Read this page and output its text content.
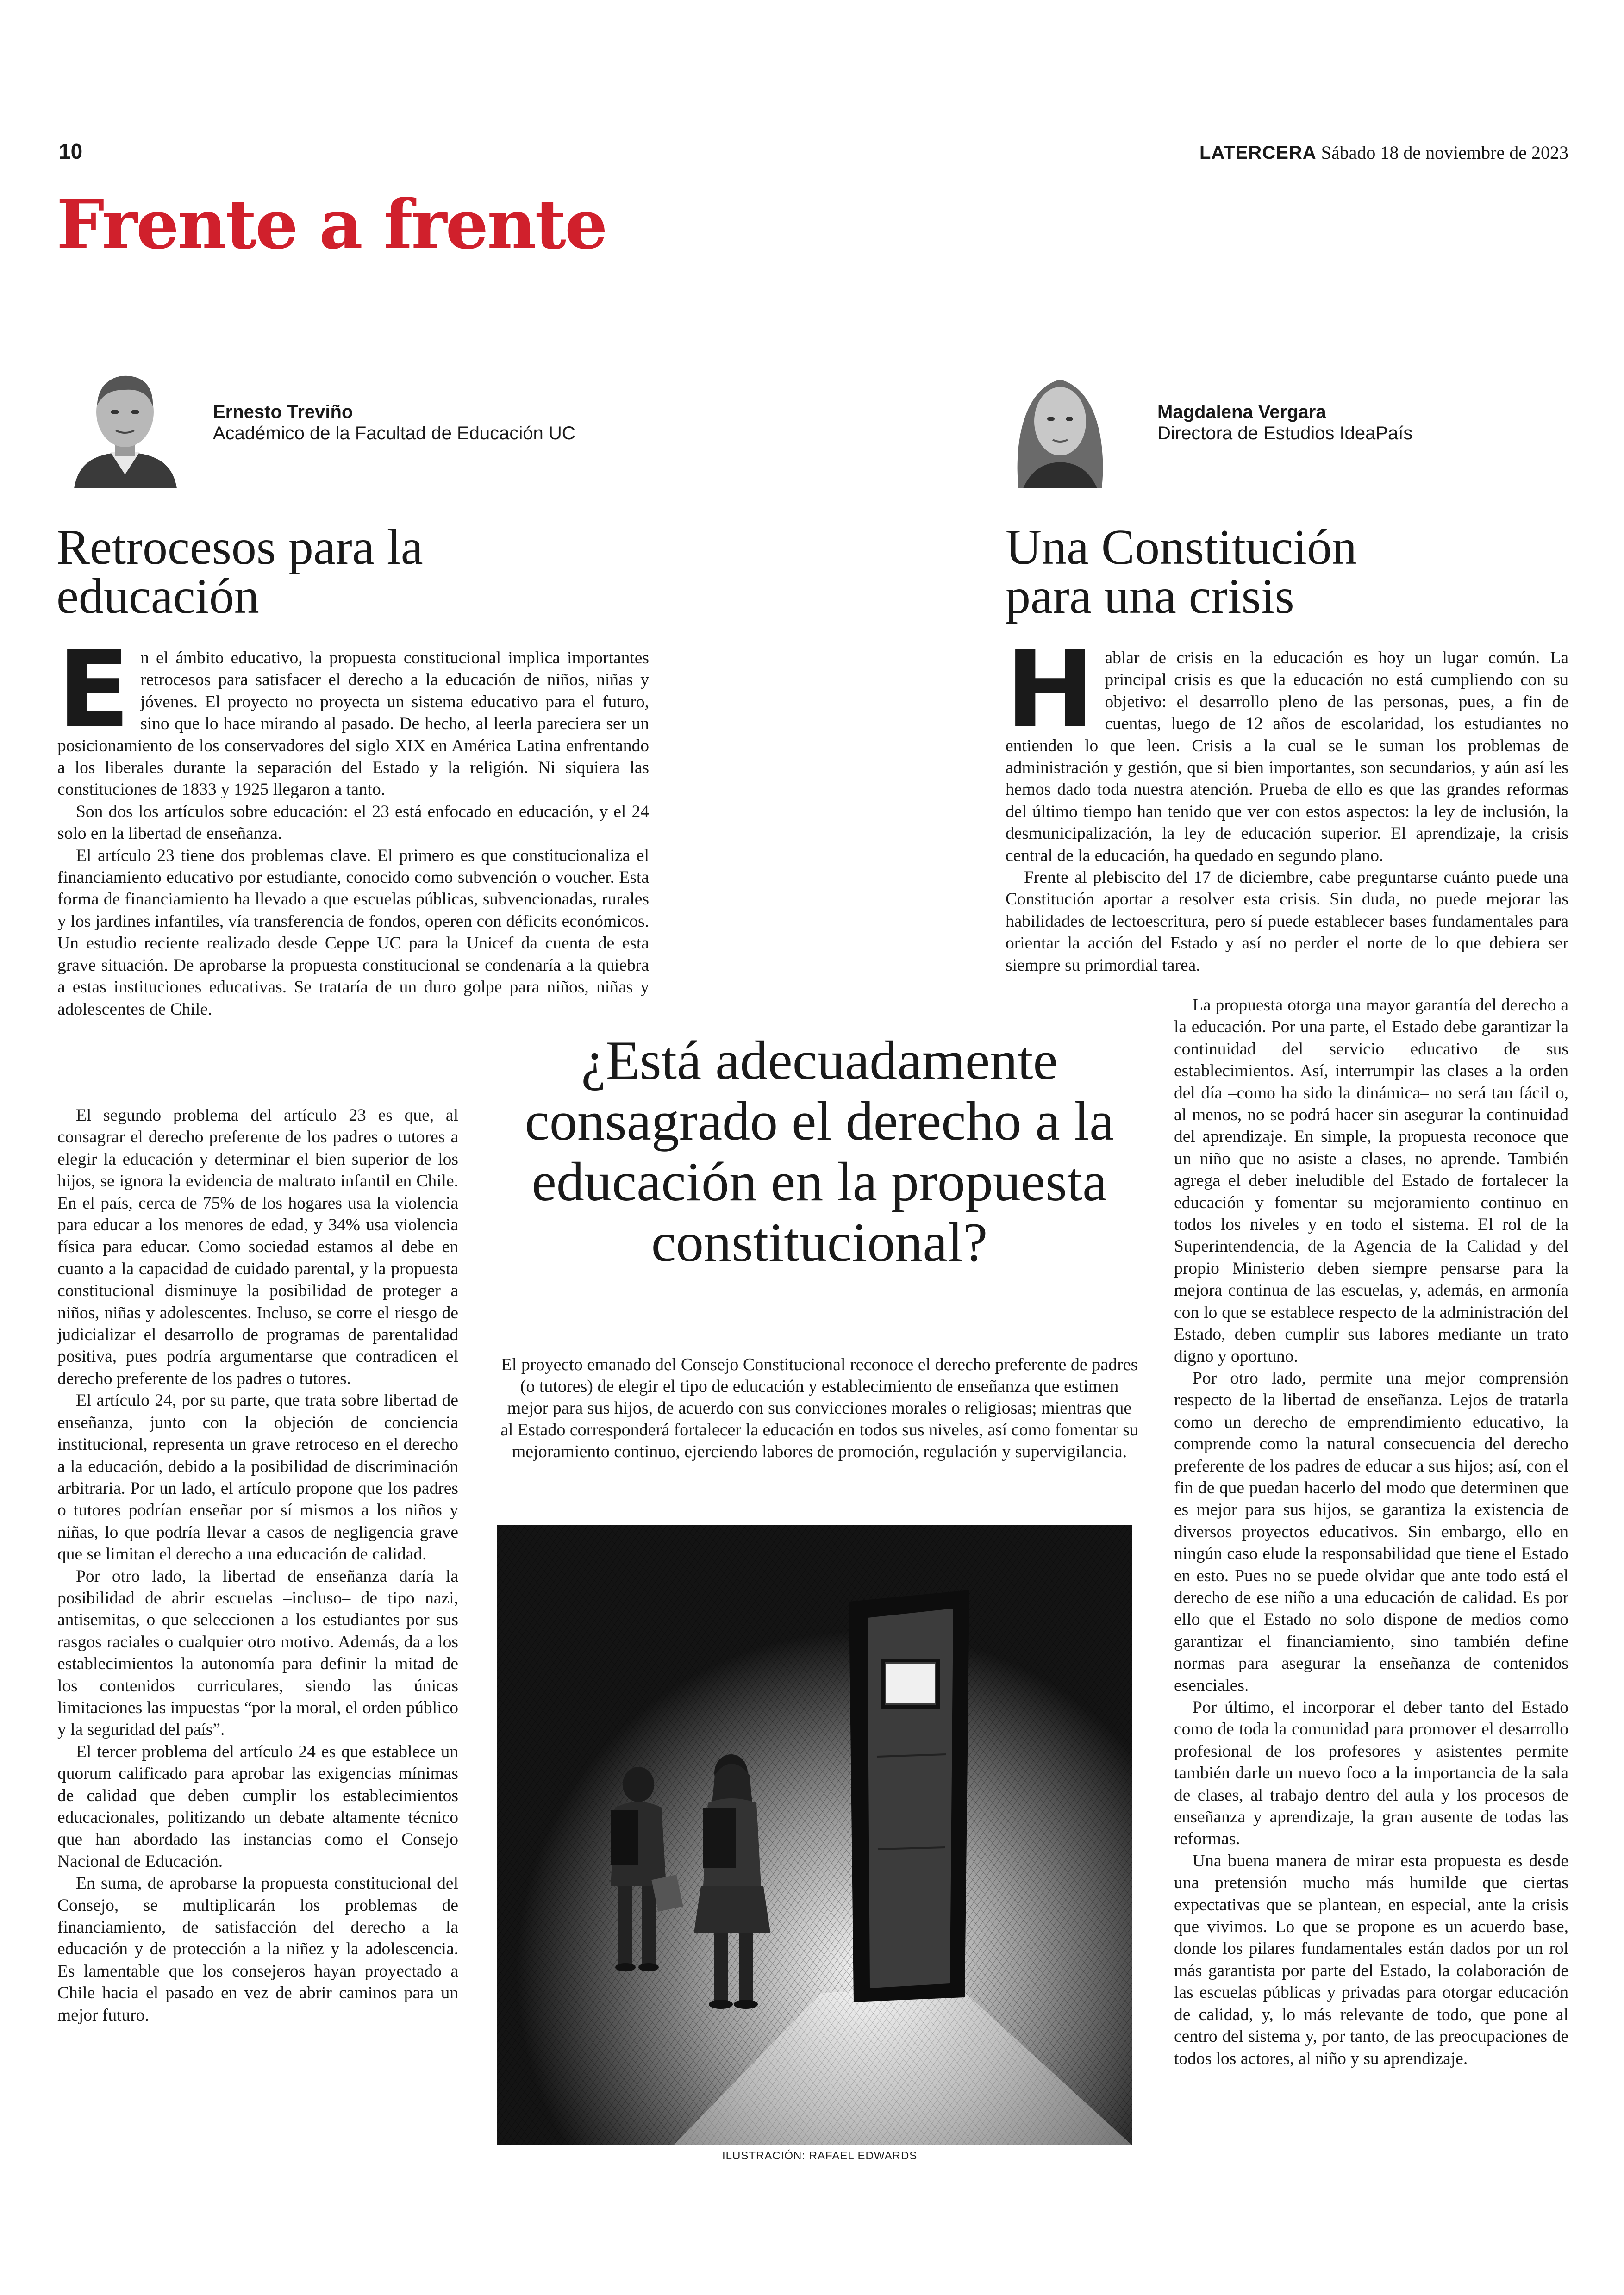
10	LATERCERA Sábado 18 de noviembre de 2023
Frente a frente
Ernesto Treviño
Académico de la Facultad de Educación UC
Magdalena Vergara
Directora de Estudios IdeaPaís
Retrocesos para la educación
Una Constitución para una crisis
E n el ámbito educativo, la propuesta constitucional implica importantes retrocesos para satisfacer el derecho a la educación de niños, niñas y jóvenes. El proyecto no proyecta un sistema educativo para el futuro, sino que lo hace mirando al pasado. De hecho, al leerla pareciera ser un posicionamiento de los conservadores del siglo XIX en América Latina enfrentando a los liberales durante la separación del Estado y la religión. Ni siquiera las constituciones de 1833 y 1925 llegaron a tanto.

Son dos los artículos sobre educación: el 23 está enfocado en educación, y el 24 solo en la libertad de enseñanza.

El artículo 23 tiene dos problemas clave. El primero es que constitucionaliza el financiamiento educativo por estudiante, conocido como subvención o voucher. Esta forma de financiamiento ha llevado a que escuelas públicas, subvencionadas, rurales y los jardines infantiles, vía transferencia de fondos, operen con déficits económicos. Un estudio reciente realizado desde Ceppe UC para la Unicef da cuenta de esta grave situación. De aprobarse la propuesta constitucional se condenaría a la quiebra a estas instituciones educativas. Se trataría de un duro golpe para niños, niñas y adolescentes de Chile.

El segundo problema del artículo 23 es que, al consagrar el derecho preferente de los padres o tutores a elegir la educación y determinar el bien superior de los hijos, se ignora la evidencia de maltrato infantil en Chile. En el país, cerca de 75% de los hogares usa la violencia para educar a los menores de edad, y 34% usa violencia física para educar. Como sociedad estamos al debe en cuanto a la capacidad de cuidado parental, y la propuesta constitucional disminuye la posibilidad de proteger a niños, niñas y adolescentes. Incluso, se corre el riesgo de judicializar el desarrollo de programas de parentalidad positiva, pues podría argumentarse que contradicen el derecho preferente de los padres o tutores.

El artículo 24, por su parte, que trata sobre libertad de enseñanza, junto con la objeción de conciencia institucional, representa un grave retroceso en el derecho a la educación, debido a la posibilidad de discriminación arbitraria. Por un lado, el artículo propone que los padres o tutores podrían enseñar por sí mismos a los niños y niñas, lo que podría llevar a casos de negligencia grave que se limitan el derecho a una educación de calidad.

Por otro lado, la libertad de enseñanza daría la posibilidad de abrir escuelas –incluso– de tipo nazi, antisemitas, o que seleccionen a los estudiantes por sus rasgos raciales o cualquier otro motivo. Además, da a los establecimientos la autonomía para definir la mitad de los contenidos curriculares, siendo las únicas limitaciones las impuestas “por la moral, el orden público y la seguridad del país”.

El tercer problema del artículo 24 es que establece un quorum calificado para aprobar las exigencias mínimas de calidad que deben cumplir los establecimientos educacionales, politizando un debate altamente técnico que han abordado las instancias como el Consejo Nacional de Educación.

En suma, de aprobarse la propuesta constitucional del Consejo, se multiplicarán los problemas de financiamiento, de satisfacción del derecho a la educación y de protección a la niñez y la adolescencia. Es lamentable que los consejeros hayan proyectado a Chile hacia el pasado en vez de abrir caminos para un mejor futuro.

H ablar de crisis en la educación es hoy un lugar común. La principal crisis es que la educación no está cumpliendo con su objetivo: el desarrollo pleno de las personas, pues, a fin de cuentas, luego de 12 años de escolaridad, los estudiantes no entienden lo que leen. Crisis a la cual se le suman los problemas de administración y gestión, que si bien importantes, son secundarios, y aún así les hemos dado toda nuestra atención. Prueba de ello es que las grandes reformas del último tiempo han tenido que ver con estos aspectos: la ley de inclusión, la desmunicipalización, la ley de educación superior. El aprendizaje, la crisis central de la educación, ha quedado en segundo plano.

Frente al plebiscito del 17 de diciembre, cabe preguntarse cuánto puede una Constitución aportar a resolver esta crisis. Sin duda, no puede mejorar las habilidades de lectoescritura, pero sí puede establecer bases fundamentales para orientar la acción del Estado y así no perder el norte de lo que debiera ser siempre su primordial tarea.

La propuesta otorga una mayor garantía del derecho a la educación. Por una parte, el Estado debe garantizar la continuidad del servicio educativo de sus establecimientos. Así, interrumpir las clases a la orden del día –como ha sido la dinámica– no será tan fácil o, al menos, no se podrá hacer sin asegurar la continuidad del aprendizaje. En simple, la propuesta reconoce que un niño que no asiste a clases, no aprende. También agrega el deber ineludible del Estado de fortalecer la educación y fomentar su mejoramiento continuo en todos los niveles y en todo el sistema. El rol de la Superintendencia, de la Agencia de la Calidad y del propio Ministerio deben siempre pensarse para la mejora continua de las escuelas, y, además, en armonía con lo que se establece respecto de la administración del Estado, deben cumplir sus labores mediante un trato digno y oportuno.

Por otro lado, permite una mejor comprensión respecto de la libertad de enseñanza. Lejos de tratarla como un derecho de emprendimiento educativo, la comprende como la natural consecuencia del derecho preferente de los padres de educar a sus hijos; así, con el fin de que puedan hacerlo del modo que determinen que es mejor para sus hijos, se garantiza la existencia de diversos proyectos educativos. Sin embargo, ello en ningún caso elude la responsabilidad que tiene el Estado en esto. Pues no se puede olvidar que ante todo está el derecho de ese niño a una educación de calidad. Es por ello que el Estado no solo dispone de medios como garantizar el financiamiento, sino también define normas para asegurar la enseñanza de contenidos esenciales.

Por último, el incorporar el deber tanto del Estado como de toda la comunidad para promover el desarrollo profesional de los profesores y asistentes permite también darle un nuevo foco a la importancia de la sala de clases, al trabajo dentro del aula y los procesos de enseñanza y aprendizaje, la gran ausente de todas las reformas.

Una buena manera de mirar esta propuesta es desde una pretensión mucho más humilde que ciertas expectativas que se plantean, en especial, ante la crisis que vivimos. Lo que se propone es un acuerdo base, donde los pilares fundamentales están dados por un rol más garantista por parte del Estado, la colaboración de las escuelas públicas y privadas para otorgar educación de calidad, y, lo más relevante de todo, que pone al centro del sistema y, por tanto, de las preocupaciones de todos los actores, al niño y su aprendizaje.

¿Está adecuadamente consagrado el derecho a la educación en la propuesta constitucional?
El proyecto emanado del Consejo Constitucional reconoce el derecho preferente de padres (o tutores) de elegir el tipo de educación y establecimiento de enseñanza que estimen mejor para sus hijos, de acuerdo con sus convicciones morales o religiosas; mientras que al Estado corresponderá fortalecer la educación en todos sus niveles, así como fomentar su mejoramiento continuo, ejerciendo labores de promoción, regulación y supervigilancia.
ILUSTRACIÓN: RAFAEL EDWARDS
